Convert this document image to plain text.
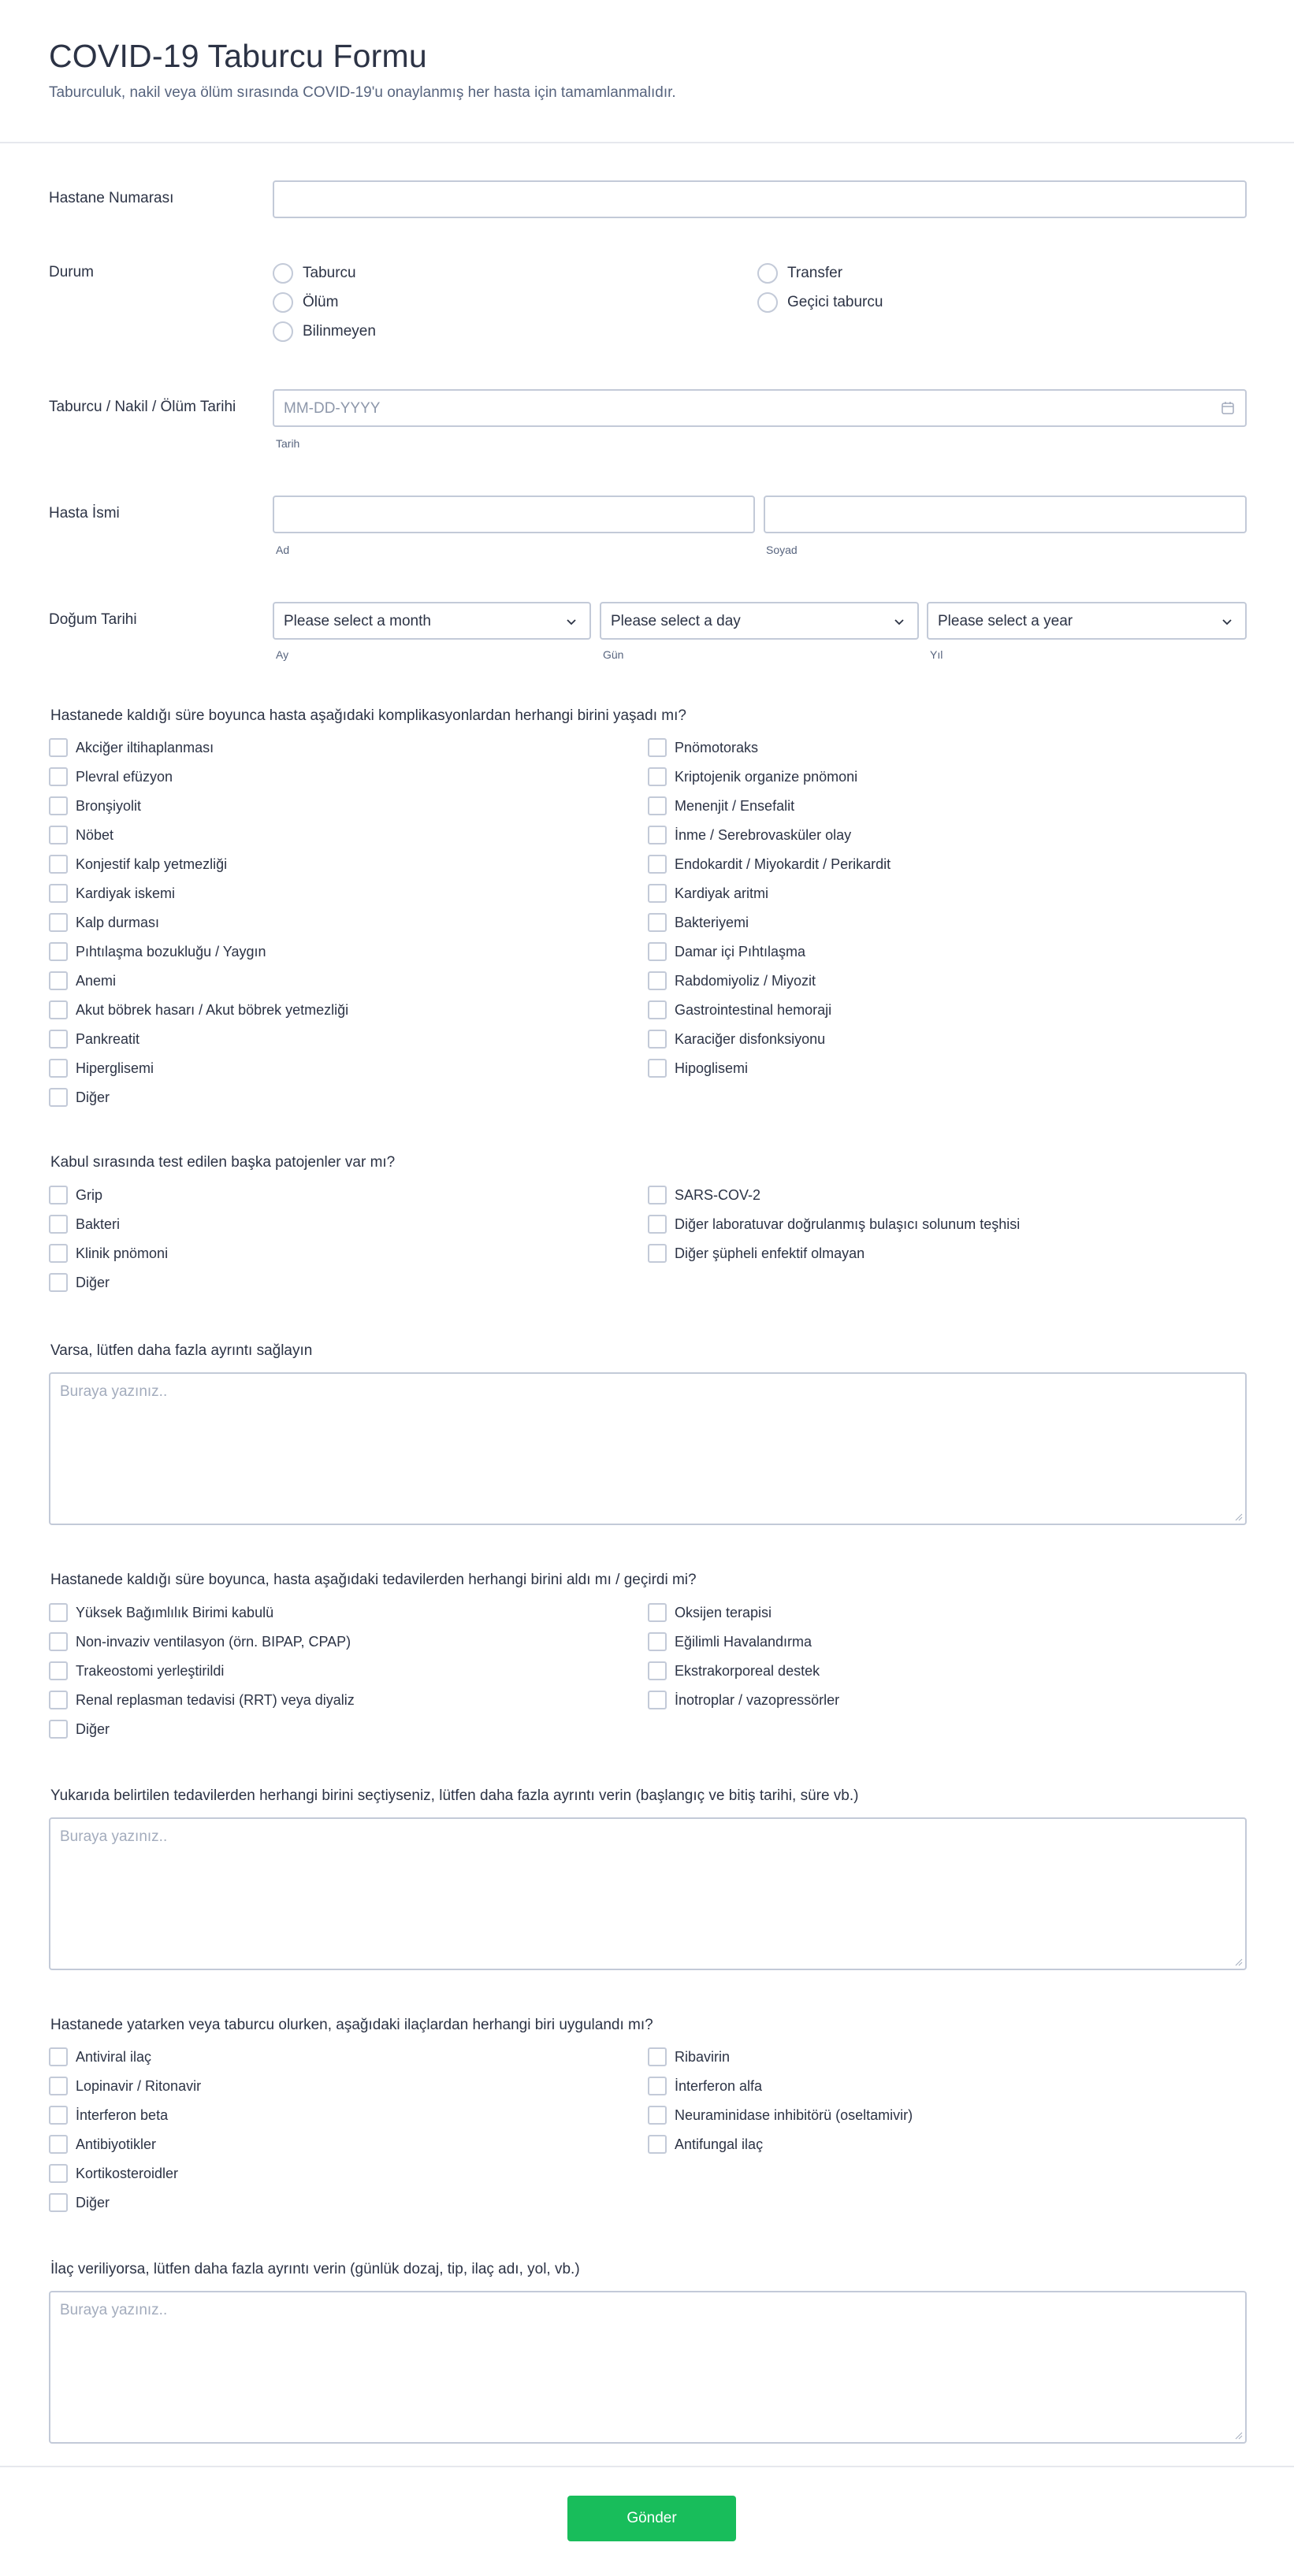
COVID-19 Taburcu Formu
Taburculuk, nakil veya ölüm sırasında COVID-19'u onaylanmış her hasta için tamamlanmalıdır.
Hastane Numarası
Durum	Taburcu	Transfer
Ölüm	Geçici taburcu
Bilinmeyen
Taburcu / Nakil / Ölüm Tarihi	MM-DD-YYYY
Tarih
Hasta İsmi
Ad	Soyad
Doğum Tarihi	Please select a month	Please select a day	Please select a year
Ay	Gün	Yıl
Hastanede kaldığı süre boyunca hasta aşağıdaki komplikasyonlardan herhangi birini yaşadı mı?
Akciğer iltihaplanması
Plevral efüzyon
Bronşiyolit
Nöbet
Konjestif kalp yetmezliği
Kardiyak iskemi
Kalp durması
Pıhtılaşma bozukluğu / Yaygın
Anemi
Akut böbrek hasarı / Akut böbrek yetmezliği
Pankreatit
Hiperglisemi
Diğer
Pnömotoraks
Kriptojenik organize pnömoni
Menenjit / Ensefalit
İnme / Serebrovasküler olay
Endokardit / Miyokardit / Perikardit
Kardiyak aritmi
Bakteriyemi
Damar içi Pıhtılaşma
Rabdomiyoliz / Miyozit
Gastrointestinal hemoraji
Karaciğer disfonksiyonu
Hipoglisemi
Kabul sırasında test edilen başka patojenler var mı?
Grip
Bakteri
Klinik pnömoni
Diğer
SARS-COV-2
Diğer laboratuvar doğrulanmış bulaşıcı solunum teşhisi
Diğer şüpheli enfektif olmayan
Varsa, lütfen daha fazla ayrıntı sağlayın
Buraya yazınız..
Hastanede kaldığı süre boyunca, hasta aşağıdaki tedavilerden herhangi birini aldı mı / geçirdi mi?
Yüksek Bağımlılık Birimi kabulü
Non-invaziv ventilasyon (örn. BIPAP, CPAP)
Trakeostomi yerleştirildi
Renal replasman tedavisi (RRT) veya diyaliz
Diğer
Oksijen terapisi
Eğilimli Havalandırma
Ekstrakorporeal destek
İnotroplar / vazopressörler
Yukarıda belirtilen tedavilerden herhangi birini seçtiyseniz, lütfen daha fazla ayrıntı verin (başlangıç ve bitiş tarihi, süre vb.)
Buraya yazınız..
Hastanede yatarken veya taburcu olurken, aşağıdaki ilaçlardan herhangi biri uygulandı mı?
Antiviral ilaç
Lopinavir / Ritonavir
İnterferon beta
Antibiyotikler
Kortikosteroidler
Diğer
Ribavirin
İnterferon alfa
Neuraminidase inhibitörü (oseltamivir)
Antifungal ilaç
İlaç veriliyorsa, lütfen daha fazla ayrıntı verin (günlük dozaj, tip, ilaç adı, yol, vb.)
Buraya yazınız..
Gönder
